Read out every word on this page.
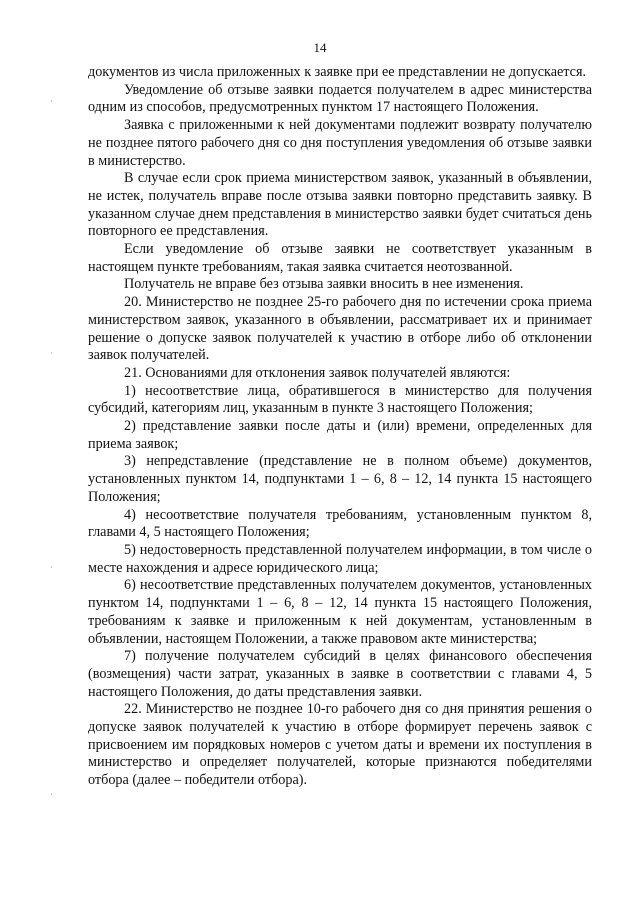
14
˙
˙
˙
˙

документов из числа приложенных к заявке при ее представлении не допускается.

Уведомление об отзыве заявки подается получателем в адрес министерства одним из способов, предусмотренных пунктом 17 настоящего Положения.

Заявка с приложенными к ней документами подлежит возврату получателю не позднее пятого рабочего дня со дня поступления уведомления об отзыве заявки в министерство.

В случае если срок приема министерством заявок, указанный в объявлении, не истек, получатель вправе после отзыва заявки повторно представить заявку. В указанном случае днем представления в министерство заявки будет считаться день повторного ее представления.

Если уведомление об отзыве заявки не соответствует указанным в настоящем пункте требованиям, такая заявка считается неотозванной.

Получатель не вправе без отзыва заявки вносить в нее изменения.

20. Министерство не позднее 25-го рабочего дня по истечении срока приема министерством заявок, указанного в объявлении, рассматривает их и принимает решение о допуске заявок получателей к участию в отборе либо об отклонении заявок получателей.

21. Основаниями для отклонения заявок получателей являются:

1) несоответствие лица, обратившегося в министерство для получения субсидий, категориям лиц, указанным в пункте 3 настоящего Положения;

2) представление заявки после даты и (или) времени, определенных для приема заявок;

3) непредставление (представление не в полном объеме) документов, установленных пунктом 14, подпунктами 1 – 6, 8 – 12, 14 пункта 15 настоящего Положения;

4) несоответствие получателя требованиям, установленным пунктом 8, главами 4, 5 настоящего Положения;

5) недостоверность представленной получателем информации, в том числе о месте нахождения и адресе юридического лица;

6) несоответствие представленных получателем документов, установленных пунктом 14, подпунктами 1 – 6, 8 – 12, 14 пункта 15 настоящего Положения, требованиям к заявке и приложенным к ней документам, установленным в объявлении, настоящем Положении, а также правовом акте министерства;

7) получение получателем субсидий в целях финансового обеспечения (возмещения) части затрат, указанных в заявке в соответствии с главами 4, 5 настоящего Положения, до даты представления заявки.

22. Министерство не позднее 10-го рабочего дня со дня принятия решения о допуске заявок получателей к участию в отборе формирует перечень заявок с присвоением им порядковых номеров с учетом даты и времени их поступления в министерство и определяет получателей, которые признаются победителями отбора (далее – победители отбора).
